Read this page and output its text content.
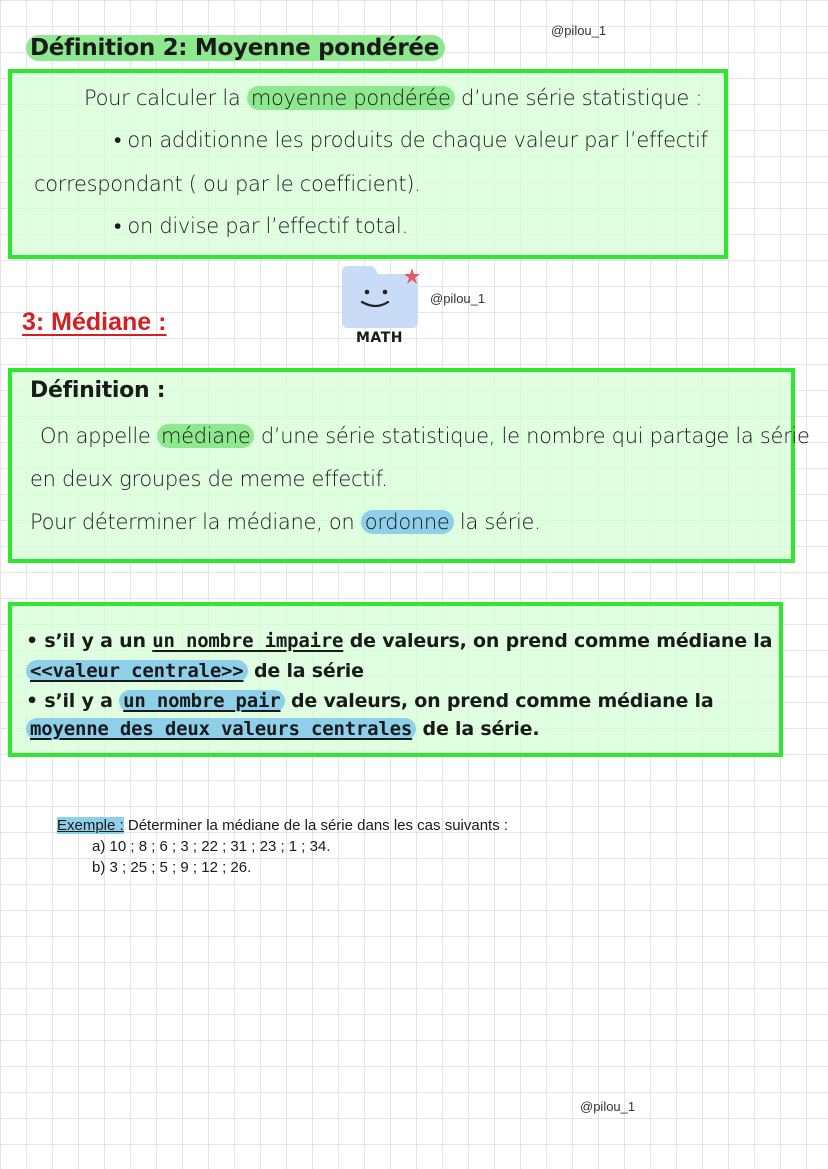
@pilou_1
@pilou_1
@pilou_1
Définition 2: Moyenne pondérée
Pour calculer la moyenne pondérée d’une série statistique :
• on additionne les produits de chaque valeur par l’effectif
correspondant ( ou par le coefficient).
• on divise par l’effectif total.
MATH
3: Médiane :
Définition :
On appelle médiane d’une série statistique, le nombre qui partage la série
en deux groupes de meme effectif.
Pour déterminer la médiane, on ordonne la série.
• s’il y a un un nombre impaire de valeurs, on prend comme médiane la
<<valeur centrale>> de la série
• s’il y a un nombre pair de valeurs, on prend comme médiane la
moyenne des deux valeurs centrales de la série.
Exemple : Déterminer la médiane de la série dans les cas suivants :
a) 10 ; 8 ; 6 ; 3 ; 22 ; 31 ; 23 ; 1 ; 34.
b) 3 ; 25 ; 5 ; 9 ; 12 ; 26.
